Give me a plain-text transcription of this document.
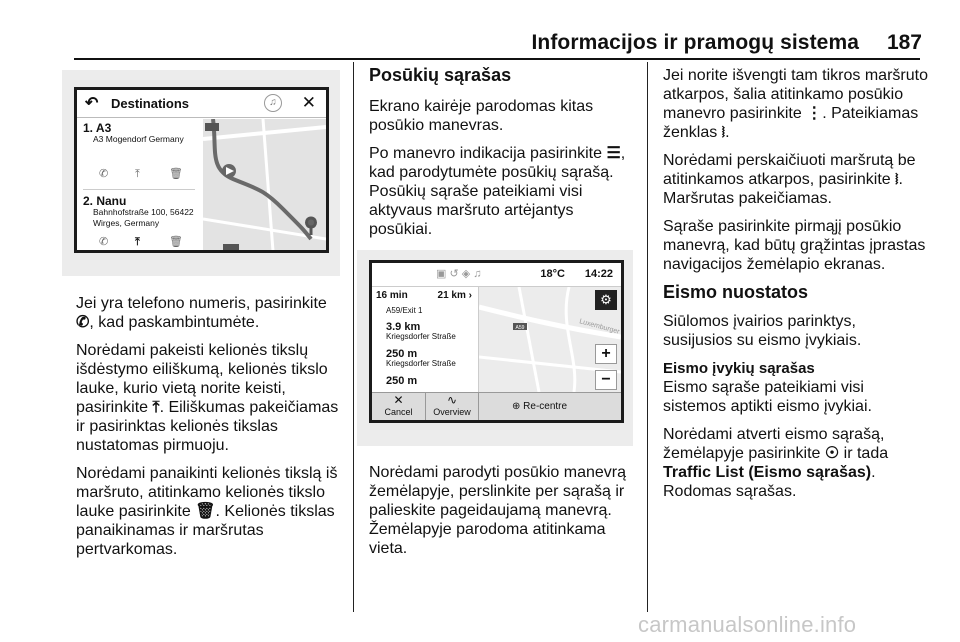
Informacijos ir pramogų sistema 187
↶ Destinations	♫	✕
1. A3
A3 Mogendorf Germany
✆ ⤒	🗑
2. Nanu
Bahnhofstraße 100, 56422
Wirges, Germany
✆ ⤒	🗑

Jei yra telefono numeris, pasirinkite
✆, kad paskambintumėte.

Norėdami pakeisti kelionės tikslų išdėstymo eiliškumą, kelionės tikslo lauke, kurio vietą norite keisti, pasirinkite ⤒. Eiliškumas pakeičiamas ir pasirinktas kelionės tikslas nustatomas pirmuoju.

Norėdami panaikinti kelionės tikslą iš maršruto, atitinkamo kelionės tikslo lauke pasirinkite 🗑. Kelionės tikslas panaikinamas ir maršrutas pertvarkomas.

Posūkių sąrašas

Ekrano kairėje parodomas kitas posūkio manevras.

Po manevro indikacija pasirinkite ☰, kad parodytumėte posūkių sąrašą. Posūkių sąraše pateikiami visi aktyvaus maršruto artėjantys posūkiai.

▣ ↺ ◈ ♫	18°C 14:22
16 min	21 km ›
A59/Exit 1
3.9 km
Kriegsdorfer Straße
250 m
Kriegsdorfer Straße
250 m
A59	Luxemburger
⚙
+
−
✕
Cancel
∿
Overview	⊕ Re-centre

Norėdami parodyti posūkio manevrą žemėlapyje, perslinkite per sąrašą ir palieskite pageidaujamą manevrą. Žemėlapyje parodoma atitinkama vieta.

Jei norite išvengti tam tikros maršruto atkarpos, šalia atitinkamo posūkio manevro pasirinkite ⋮. Pateikiamas ženklas ⧘.

Norėdami perskaičiuoti maršrutą be atitinkamos atkarpos, pasirinkite ⧘. Maršrutas pakeičiamas.

Sąraše pasirinkite pirmąjį posūkio manevrą, kad būtų grąžintas įprastas navigacijos žemėlapio ekranas.

Eismo nuostatos

Siūlomos įvairios parinktys, susijusios su eismo įvykiais.

Eismo įvykių sąrašas

Eismo sąraše pateikiami visi sistemos aptikti eismo įvykiai.

Norėdami atverti eismo sąrašą, žemėlapyje pasirinkite ☉ ir tada
Traffic List (Eismo sąrašas).
Rodomas sąrašas.

carmanualsonline.info
